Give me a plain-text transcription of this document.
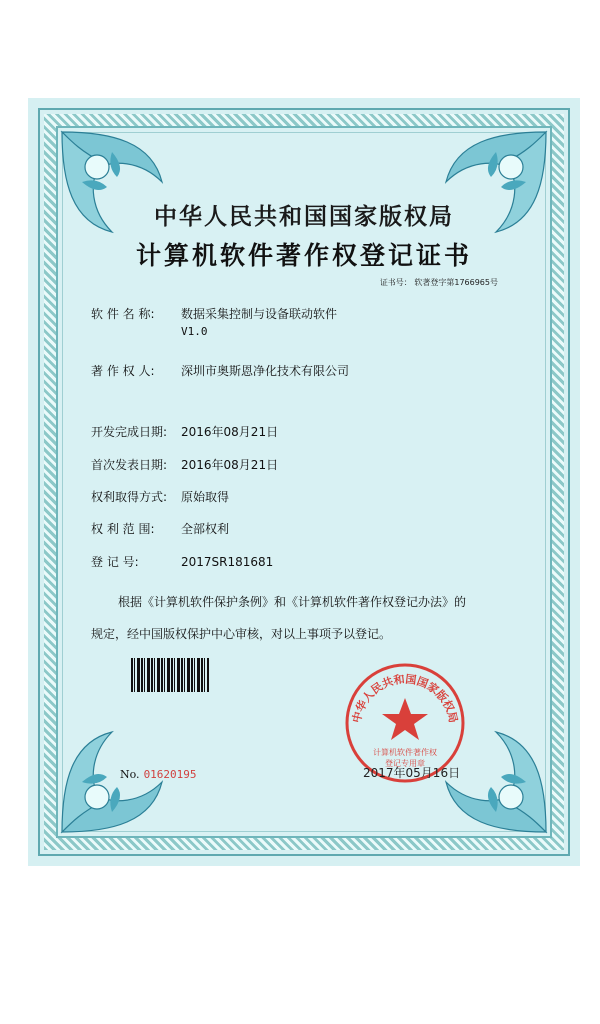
中华人民共和国国家版权局
计算机软件著作权登记证书
证书号： 软著登字第1766965号
软 件 名 称: 数据采集控制与设备联动软件
V1.0
著 作 权 人: 深圳市奥斯恩净化技术有限公司
开发完成日期: 2016年08月21日
首次发表日期: 2016年08月21日
权利取得方式: 原始取得
权 利 范 围: 全部权利
登 记 号:	2017SR181681
根据《计算机软件保护条例》和《计算机软件著作权登记办法》的
规定，经中国版权保护中心审核，对以上事项予以登记。
中华人民共和国国家版权局
计算机软件著作权
登记专用章
No. 01620195	2017年05月16日
